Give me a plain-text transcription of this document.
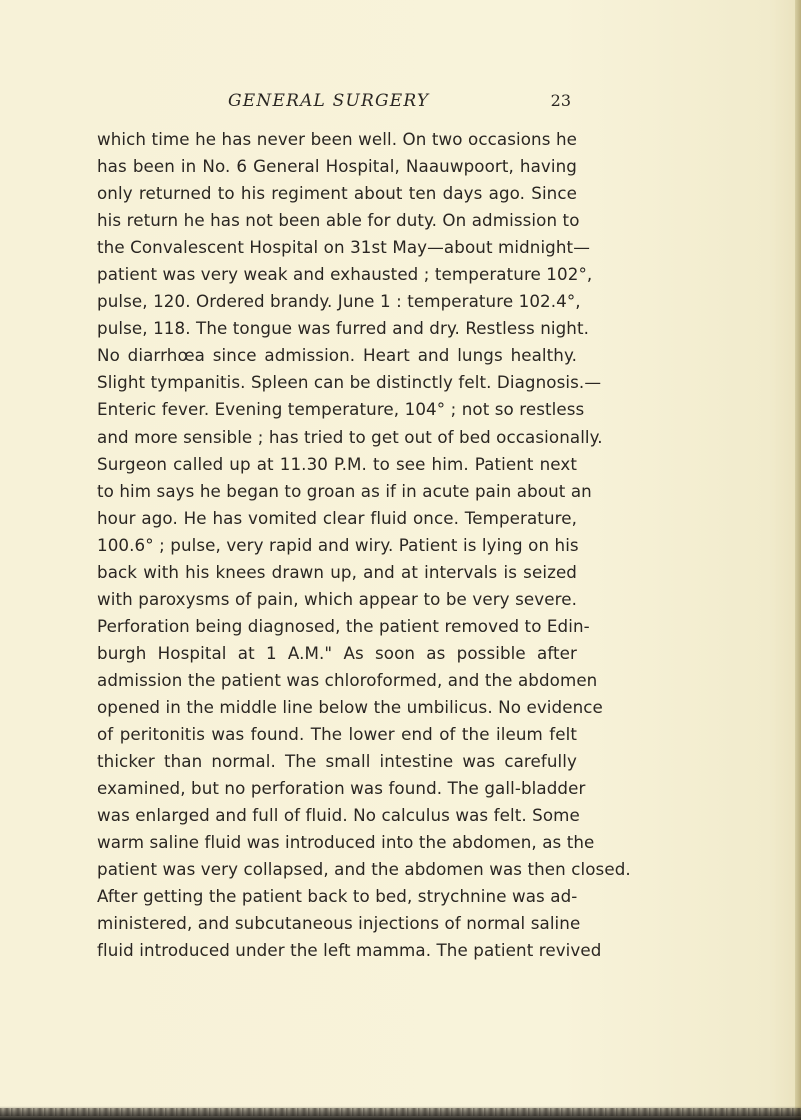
GENERAL SURGERY	23
which time he has never been well. On two occasions he
has been in No. 6 General Hospital, Naauwpoort, having
only returned to his regiment about ten days ago. Since
his return he has not been able for duty. On admission to
the Convalescent Hospital on 31st May—about midnight—
patient was very weak and exhausted ; temperature 102°,
pulse, 120. Ordered brandy. June 1 : temperature 102.4°,
pulse, 118. The tongue was furred and dry. Restless night.
No diarrhœa since admission. Heart and lungs healthy.
Slight tympanitis. Spleen can be distinctly felt. Diagnosis.—
Enteric fever. Evening temperature, 104° ; not so restless
and more sensible ; has tried to get out of bed occasionally.
Surgeon called up at 11.30 P.M. to see him. Patient next
to him says he began to groan as if in acute pain about an
hour ago. He has vomited clear fluid once. Temperature,
100.6° ; pulse, very rapid and wiry. Patient is lying on his
back with his knees drawn up, and at intervals is seized
with paroxysms of pain, which appear to be very severe.
Perforation being diagnosed, the patient removed to Edin-
burgh Hospital at 1 A.M." As soon as possible after
admission the patient was chloroformed, and the abdomen
opened in the middle line below the umbilicus. No evidence
of peritonitis was found. The lower end of the ileum felt
thicker than normal. The small intestine was carefully
examined, but no perforation was found. The gall-bladder
was enlarged and full of fluid. No calculus was felt. Some
warm saline fluid was introduced into the abdomen, as the
patient was very collapsed, and the abdomen was then closed.
After getting the patient back to bed, strychnine was ad-
ministered, and subcutaneous injections of normal saline
fluid introduced under the left mamma. The patient revived
